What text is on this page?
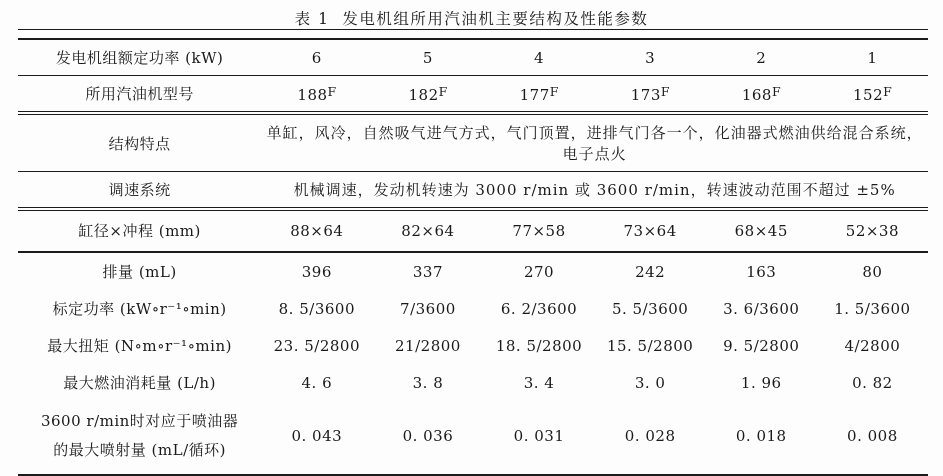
表 1  发电机组所用汽油机主要结构及性能参数
发电机组额定功率 (kW)	6	5	4	3	2	1
所用汽油机型号	$188^F$	$182^F$	$177^F$	$173^F$	$168^F$	$152^F$
结构特点	单缸，风冷，自然吸气进气方式，气门顶置，进排气门各一个，化油器式燃油供给混合系统，电子点火					
调速系统	机械调速，发动机转速为 3000 r/min 或 3600 r/min，转速波动范围不超过 ±5%					
缸径×冲程 (mm)	88×64	82×64	77×58	73×64	68×45	52×38
排量 (mL)	396	337	270	242	163	80
标定功率 (kW∘r⁻¹∘min)	8. 5/3600	7/3600	6. 2/3600	5. 5/3600	3. 6/3600	1. 5/3600
最大扭矩 (N∘m∘r⁻¹∘min)	23. 5/2800	21/2800	18. 5/2800	15. 5/2800	9. 5/2800	4/2800
最大燃油消耗量 (L/h)	4. 6	3. 8	3. 4	3. 0	1. 96	0. 82

3600 r/min时对应于喷油器
的最大喷射量 (mL/循环)	0. 043	0. 036	0. 031	0. 028	0. 018	0. 008
